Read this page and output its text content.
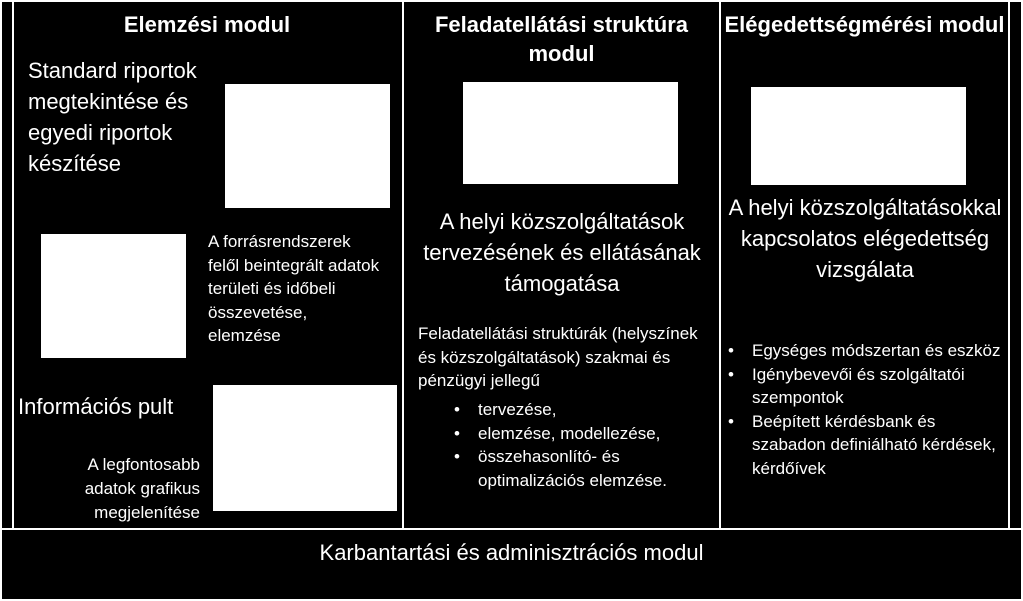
Elemzési modul
Standard riportok megtekintése és egyedi riportok készítése
A forrásrendszerek felől beintegrált adatok területi és időbeli összevetése, elemzése
Információs pult
A legfontosabb adatok grafikus megjelenítése
Feladatellátási struktúra modul
A helyi közszolgáltatások tervezésének és ellátásának támogatása
Feladatellátási struktúrák (helyszínek és közszolgáltatások) szakmai és pénzügyi jellegű
• tervezése,
• elemzése, modellezése,
• összehasonlító- és optimalizációs elemzése.
Elégedettségmérési modul
A helyi közszolgáltatásokkal kapcsolatos elégedettség vizsgálata
• Egységes módszertan és eszköz
• Igénybevevői és szolgáltatói szempontok
• Beépített kérdésbank és szabadon definiálható kérdések, kérdőívek
Karbantartási és adminisztrációs modul
